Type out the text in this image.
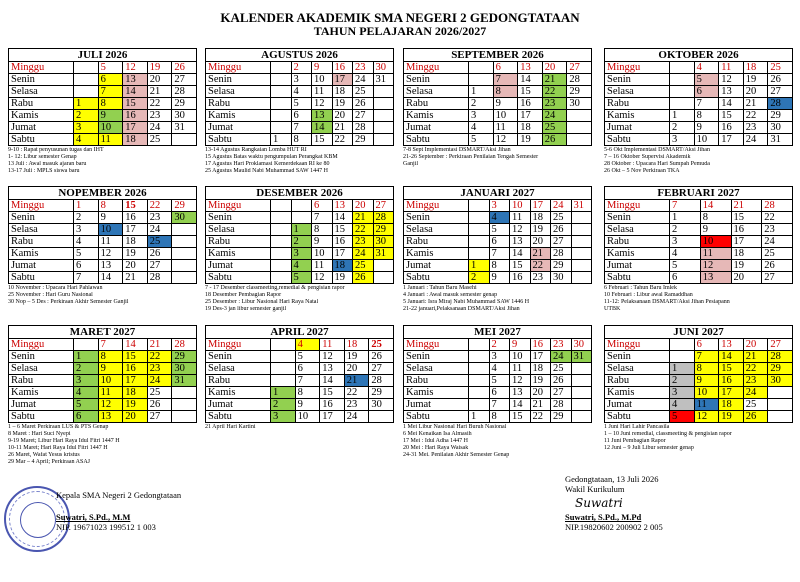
KALENDER AKADEMIK SMA NEGERI 2 GEDONGTATAAN
TAHUN PELAJARAN 2026/2027
JULI 2026
Minggu		5	12	19	26
Senin		6	13	20	27
Selasa		7	14	21	28
Rabu	1	8	15	22	29
Kamis	2	9	16	23	30
Jumat	3	10	17	24	31
Sabtu	4	11	18	25	
9-10 : Rapat penyusunan tugas dan IHT
1- 12: Libur semester Genap
13 Juli : Awal masuk ajaran baru
13-17 Juli : MPLS siswa baru
AGUSTUS 2026
Minggu		2	9	16	23	30
Senin		3	10	17	24	31
Selasa		4	11	18	25	
Rabu		5	12	19	26	
Kamis		6	13	20	27	
Jumat		7	14	21	28	
Sabtu	1	8	15	22	29	
13-14 Agustus Rangkaian Lomba HUT RI
15 Agustus Batas waktu pengumpulan Perangkat KBM
17 Agustus Hari Proklamasi Kemerdekaan RI ke 80
25 Agustus Maulid Nabi Muhammad SAW 1447 H
SEPTEMBER 2026
Minggu		6	13	20	27
Senin		7	14	21	28
Selasa	1	8	15	22	29
Rabu	2	9	16	23	30
Kamis	3	10	17	24	
Jumat	4	11	18	25	
Sabtu	5	12	19	26	
7-8 Sept Implementasi DSMART/Aksi Jihan
21-26 September : Perkiraan Penilaian Tengah Semester
Ganjil
OKTOBER 2026
Minggu		4	11	18	25
Senin		5	12	19	26
Selasa		6	13	20	27
Rabu		7	14	21	28
Kamis	1	8	15	22	29
Jumat	2	9	16	23	30
Sabtu	3	10	17	24	31
5-6 Okt Implementasi DSMART/Aksi Jihan
7 – 16 Oktober Supervisi Akademik
28 Oktober : Upacara Hari Sumpah Pemuda
26 Okt – 5 Nov Perkiraan TKA
NOPEMBER 2026
Minggu	1	8	15	22	29
Senin	2	9	16	23	30
Selasa	3	10	17	24	
Rabu	4	11	18	25	
Kamis	5	12	19	26	
Jumat	6	13	20	27	
Sabtu	7	14	21	28	
10 November : Upacara Hari Pahlawan
25 November : Hari Guru Nasional
30 Nop – 5 Des : Perkiraan Akhir Semester Ganjil
DESEMBER 2026
Minggu			6	13	20	27
Senin			7	14	21	28
Selasa		1	8	15	22	29
Rabu		2	9	16	23	30
Kamis		3	10	17	24	31
Jumat		4	11	18	25	
Sabtu		5	12	19	26	
7 - 17 Desember classmeeting,remedial & pengisian rapor
18 Desember Pembagian Rapor
25 Desember : Libur Nasional Hari Raya Natal
19 Des-3 jan libur semester ganjil
JANUARI 2027
Minggu		3	10	17	24	31
Senin		4	11	18	25	
Selasa		5	12	19	26	
Rabu		6	13	20	27	
Kamis		7	14	21	28	
Jumat	1	8	15	22	29	
Sabtu	2	9	16	23	30	
1 Januari : Tahun Baru Masehi
4 Januari : Awal masuk semester genap
5 Januari: Isra Miraj Nabi Muhammad SAW 1446 H
21-22 januari,Pelaksanaan DSMART/Aksi Jihan
FEBRUARI 2027
Minggu	7	14	21	28
Senin	1	8	15	22
Selasa	2	9	16	23
Rabu	3	10	17	24
Kamis	4	11	18	25
Jumat	5	12	19	26
Sabtu	6	13	20	27
6 Februari : Tahun Baru Imlek
10 Februari : Libur awal Ramaddhan
11-12: Pelaksanaan DSMART/Aksi Jihan Pesiapann
UTBK
MARET 2027
Minggu		7	14	21	28
Senin	1	8	15	22	29
Selasa	2	9	16	23	30
Rabu	3	10	17	24	31
Kamis	4	11	18	25	
Jumat	5	12	19	26	
Sabtu	6	13	20	27	
1 – 6 Maret Perkiraan LUS & PTS Genap
8 Maret : Hari Suci Nyepi
9-19 Maret; Libur Hari Raya Idul Fitri 1447 H
10-11 Maret; Hari Raya Idul Fitri 1447 H
26 Maret, Wafat Yesus kristus
29 Mar – 4 April; Perkiraan ASAJ
APRIL 2027
Minggu		4	11	18	25
Senin		5	12	19	26
Selasa		6	13	20	27
Rabu		7	14	21	28
Kamis	1	8	15	22	29
Jumat	2	9	16	23	30
Sabtu	3	10	17	24	
21 April Hari Kartini
MEI 2027
Minggu		2	9	16	23	30
Senin		3	10	17	24	31
Selasa		4	11	18	25	
Rabu		5	12	19	26	
Kamis		6	13	20	27	
Jumat		7	14	21	28	
Sabtu	1	8	15	22	29	
1 Mei Libur Nasional Hari Buruh Nasional
6 Mei Kenaikan Isa Almasih
17 Mei : Idul Adha 1447 H
20 Mei : Hari Raya Waisak
24-31 Mei. Penilaian Akhir Semester Genap
JUNI 2027
Minggu		6	13	20	27
Senin		7	14	21	28
Selasa	1	8	15	22	29
Rabu	2	9	16	23	30
Kamis	3	10	17	24	
Jumat	4	11	18	25	
Sabtu	5	12	19	26	
1 Juni Hari Lahir Pancasila
1 – 10 Juni remedial, classmeeting & pengisian rapor
11 Juni Pembagian Rapor
12 Juni – 9 Juli Libur semester genap
Kepala SMA Negeri 2 Gedongtataan
Suwatri, S.Pd., M.M
NIP. 19671023 199512 1 003
Gedongtataan, 13 Juli 2026
Wakil Kurikulum
Suwatri
Suwatri, S.Pd., M.Pd
NIP.19820602 200902 2 005
